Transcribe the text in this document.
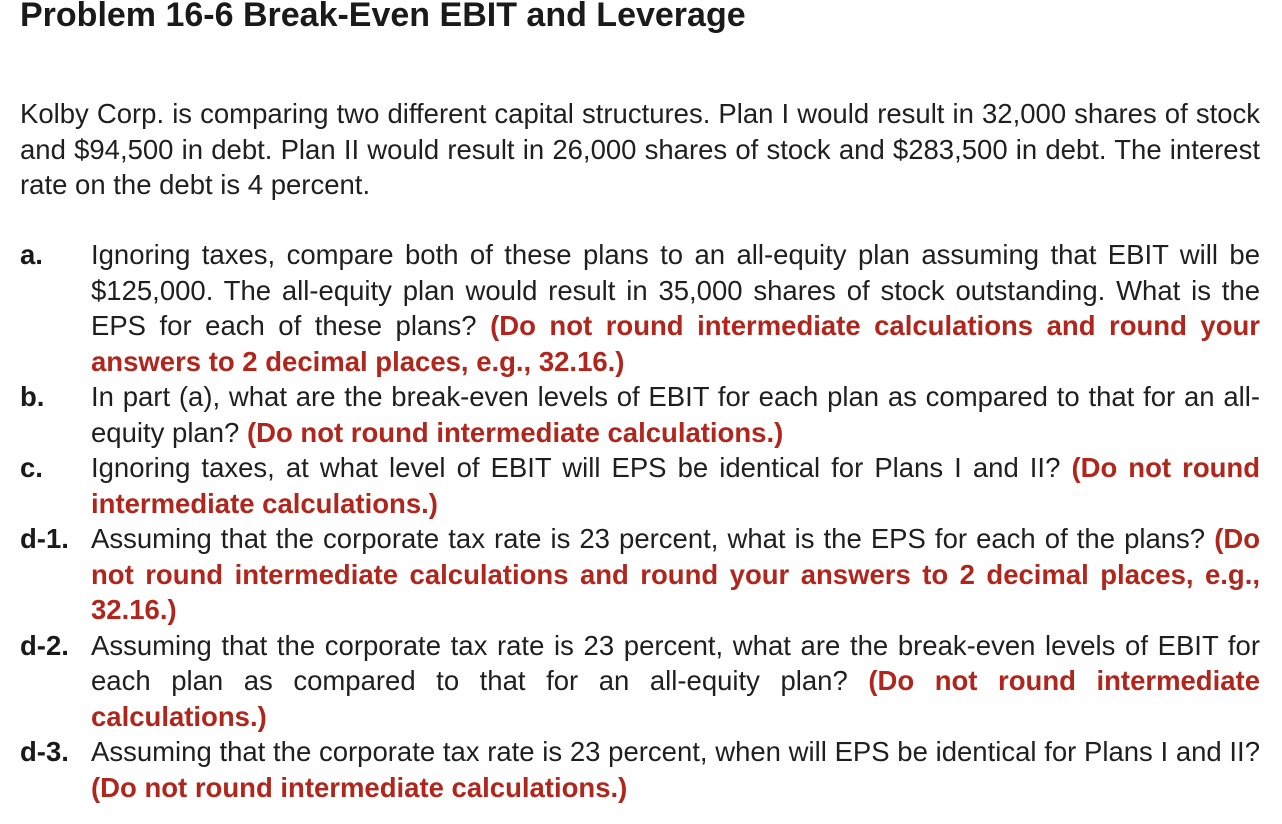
Problem 16-6 Break-Even EBIT and Leverage

Kolby Corp. is comparing two different capital structures. Plan I would result in 32,000 shares of stock and $94,500 in debt. Plan II would result in 26,000 shares of stock and $283,500 in debt. The interest rate on the debt is 4 percent.

a. Ignoring taxes, compare both of these plans to an all-equity plan assuming that EBIT will be $125,000. The all-equity plan would result in 35,000 shares of stock outstanding. What is the EPS for each of these plans? (Do not round intermediate calculations and round your answers to 2 decimal places, e.g., 32.16.)
b. In part (a), what are the break-even levels of EBIT for each plan as compared to that for an all-equity plan? (Do not round intermediate calculations.)
c. Ignoring taxes, at what level of EBIT will EPS be identical for Plans I and II? (Do not round intermediate calculations.)
d-1. Assuming that the corporate tax rate is 23 percent, what is the EPS for each of the plans? (Do not round intermediate calculations and round your answers to 2 decimal places, e.g., 32.16.)
d-2. Assuming that the corporate tax rate is 23 percent, what are the break-even levels of EBIT for each plan as compared to that for an all-equity plan? (Do not round intermediate calculations.)
d-3. Assuming that the corporate tax rate is 23 percent, when will EPS be identical for Plans I and II? (Do not round intermediate calculations.)
